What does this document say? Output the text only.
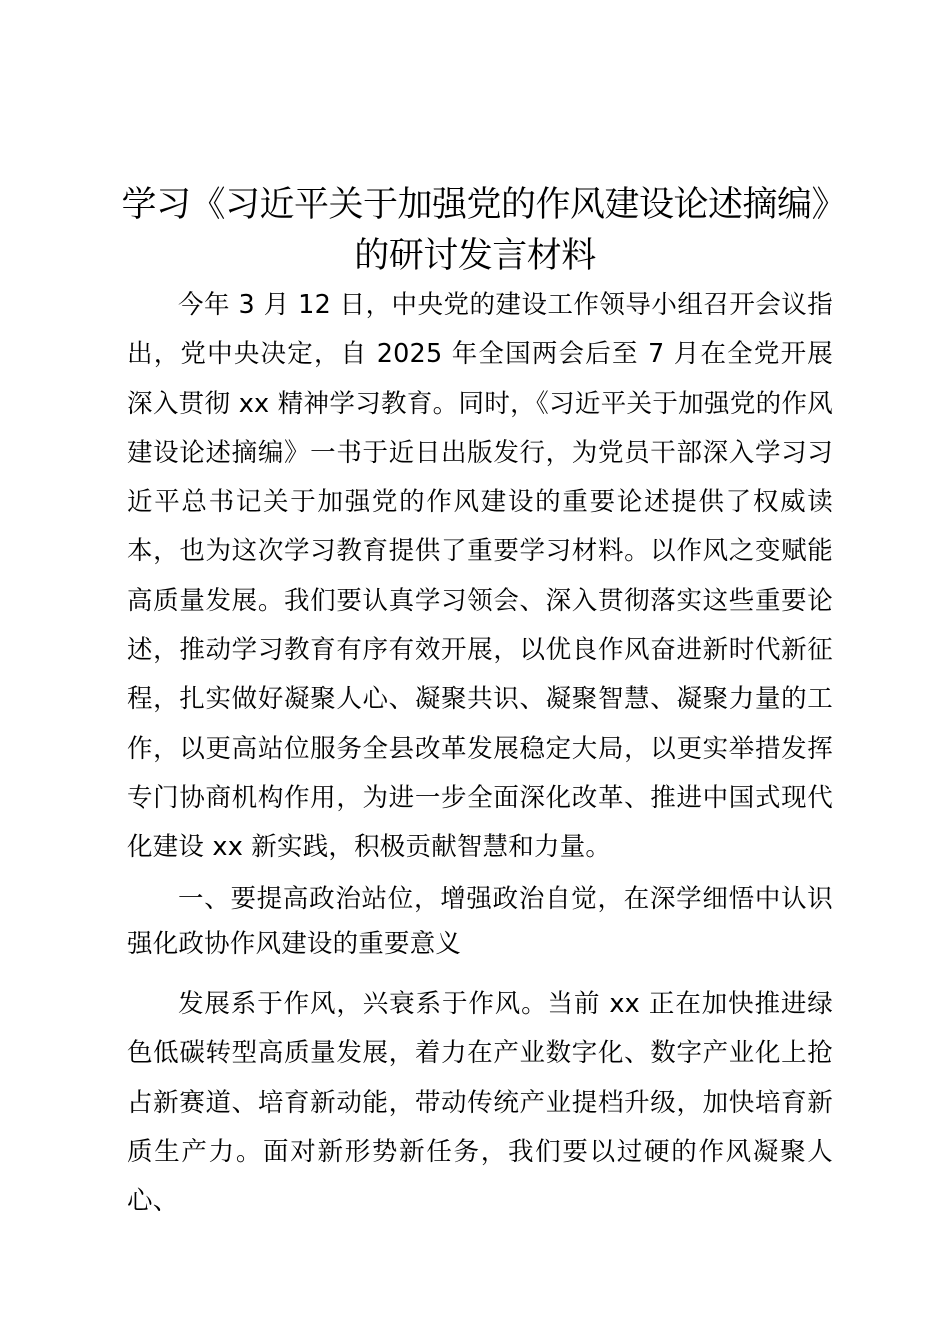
学习《习近平关于加强党的作风建设论述摘编》的研讨发言材料

今年 3 月 12 日，中央党的建设工作领导小组召开会议指出，党中央决定，自 2025 年全国两会后至 7 月在全党开展深入贯彻 xx 精神学习教育。同时，《习近平关于加强党的作风建设论述摘编》一书于近日出版发行，为党员干部深入学习习近平总书记关于加强党的作风建设的重要论述提供了权威读本，也为这次学习教育提供了重要学习材料。以作风之变赋能高质量发展。我们要认真学习领会、深入贯彻落实这些重要论述，推动学习教育有序有效开展，以优良作风奋进新时代新征程，扎实做好凝聚人心、凝聚共识、凝聚智慧、凝聚力量的工作，以更高站位服务全县改革发展稳定大局，以更实举措发挥专门协商机构作用，为进一步全面深化改革、推进中国式现代化建设 xx 新实践，积极贡献智慧和力量。

一、要提高政治站位，增强政治自觉，在深学细悟中认识强化政协作风建设的重要意义

发展系于作风，兴衰系于作风。当前 xx 正在加快推进绿色低碳转型高质量发展，着力在产业数字化、数字产业化上抢占新赛道、培育新动能，带动传统产业提档升级，加快培育新质生产力。面对新形势新任务，我们要以过硬的作风凝聚人心、
